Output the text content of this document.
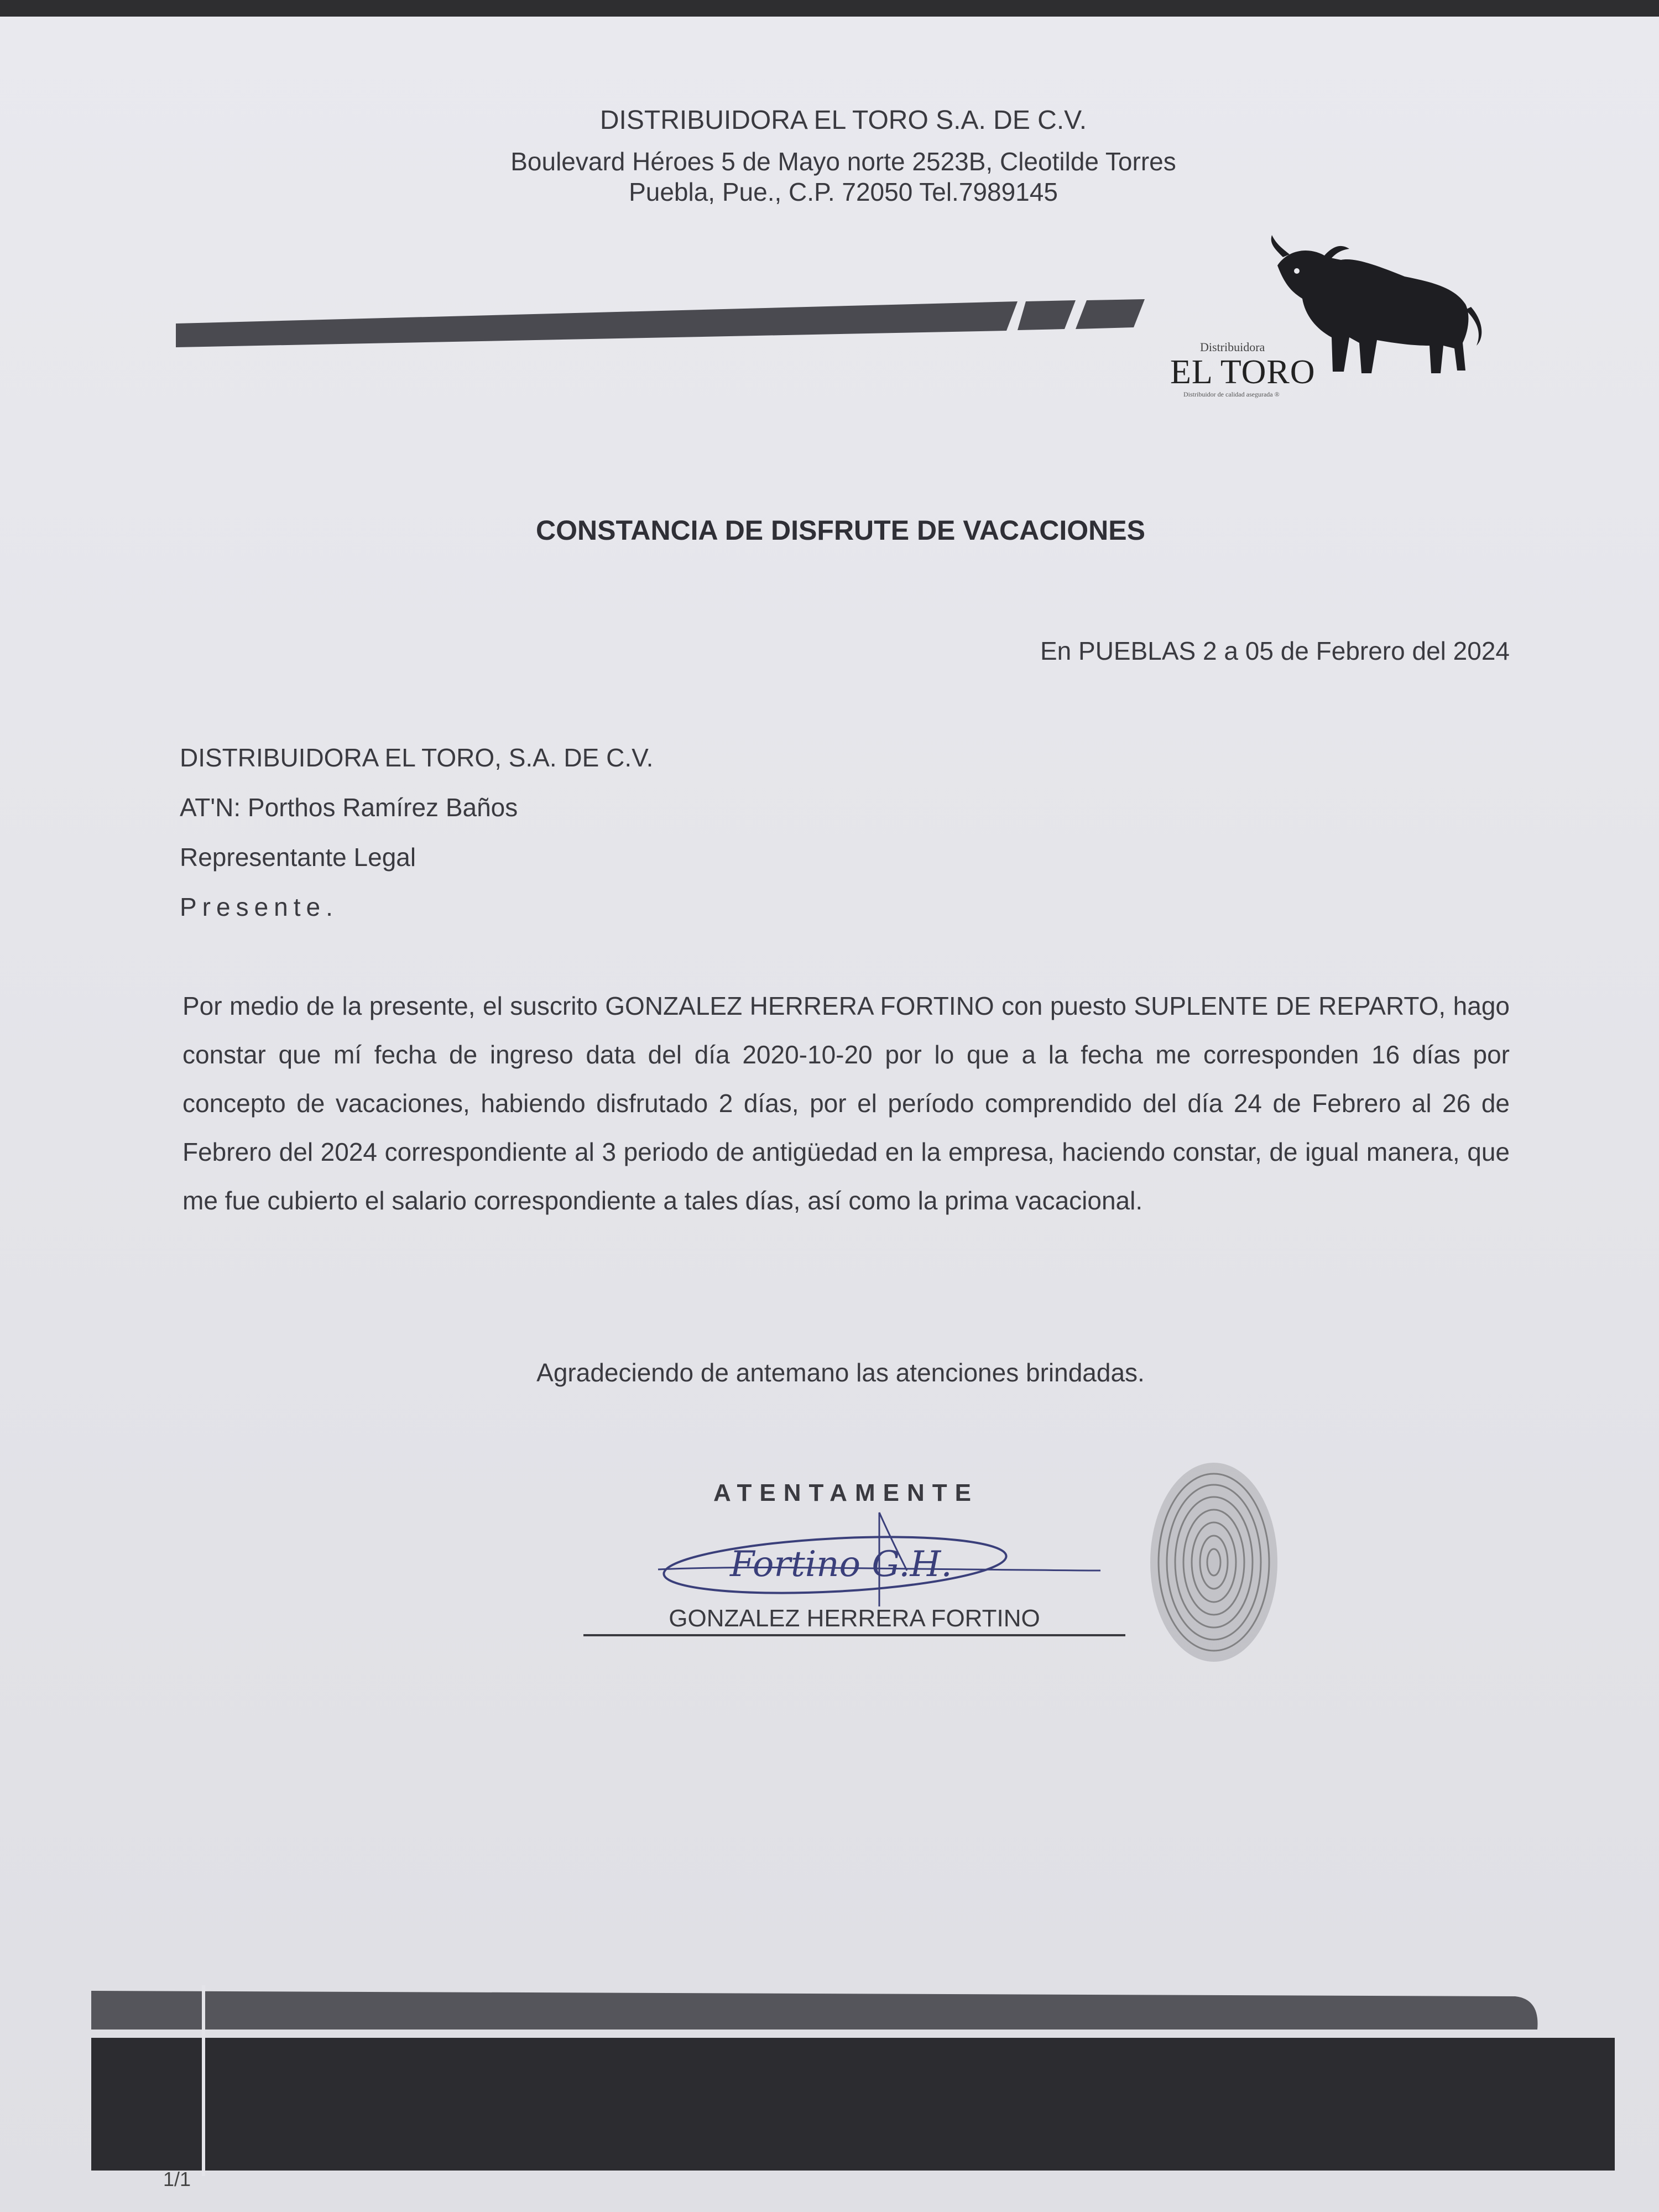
DISTRIBUIDORA EL TORO S.A. DE C.V.
Boulevard Héroes 5 de Mayo norte 2523B, Cleotilde Torres
Puebla, Pue., C.P. 72050 Tel.7989145
Distribuidora
EL TORO
Distribuidor de calidad asegurada ®
CONSTANCIA DE DISFRUTE DE VACACIONES
En PUEBLAS 2 a 05 de Febrero del 2024
DISTRIBUIDORA EL TORO, S.A. DE C.V.
AT'N: Porthos Ramírez Baños
Representante Legal
Presente.
Por medio de la presente, el suscrito GONZALEZ HERRERA FORTINO con puesto SUPLENTE DE REPARTO, hago constar que mí fecha de ingreso data del día 2020-10-20 por lo que a la fecha me corresponden 16 días por concepto de vacaciones, habiendo disfrutado 2 días, por el período comprendido del día 24 de Febrero al 26 de Febrero del 2024 correspondiente al 3 periodo de antigüedad en la empresa, haciendo constar, de igual manera, que me fue cubierto el salario correspondiente a tales días, así como la prima vacacional.
Agradeciendo de antemano las atenciones brindadas.
ATENTAMENTE
Fortino G.H.
GONZALEZ HERRERA FORTINO
1/1
